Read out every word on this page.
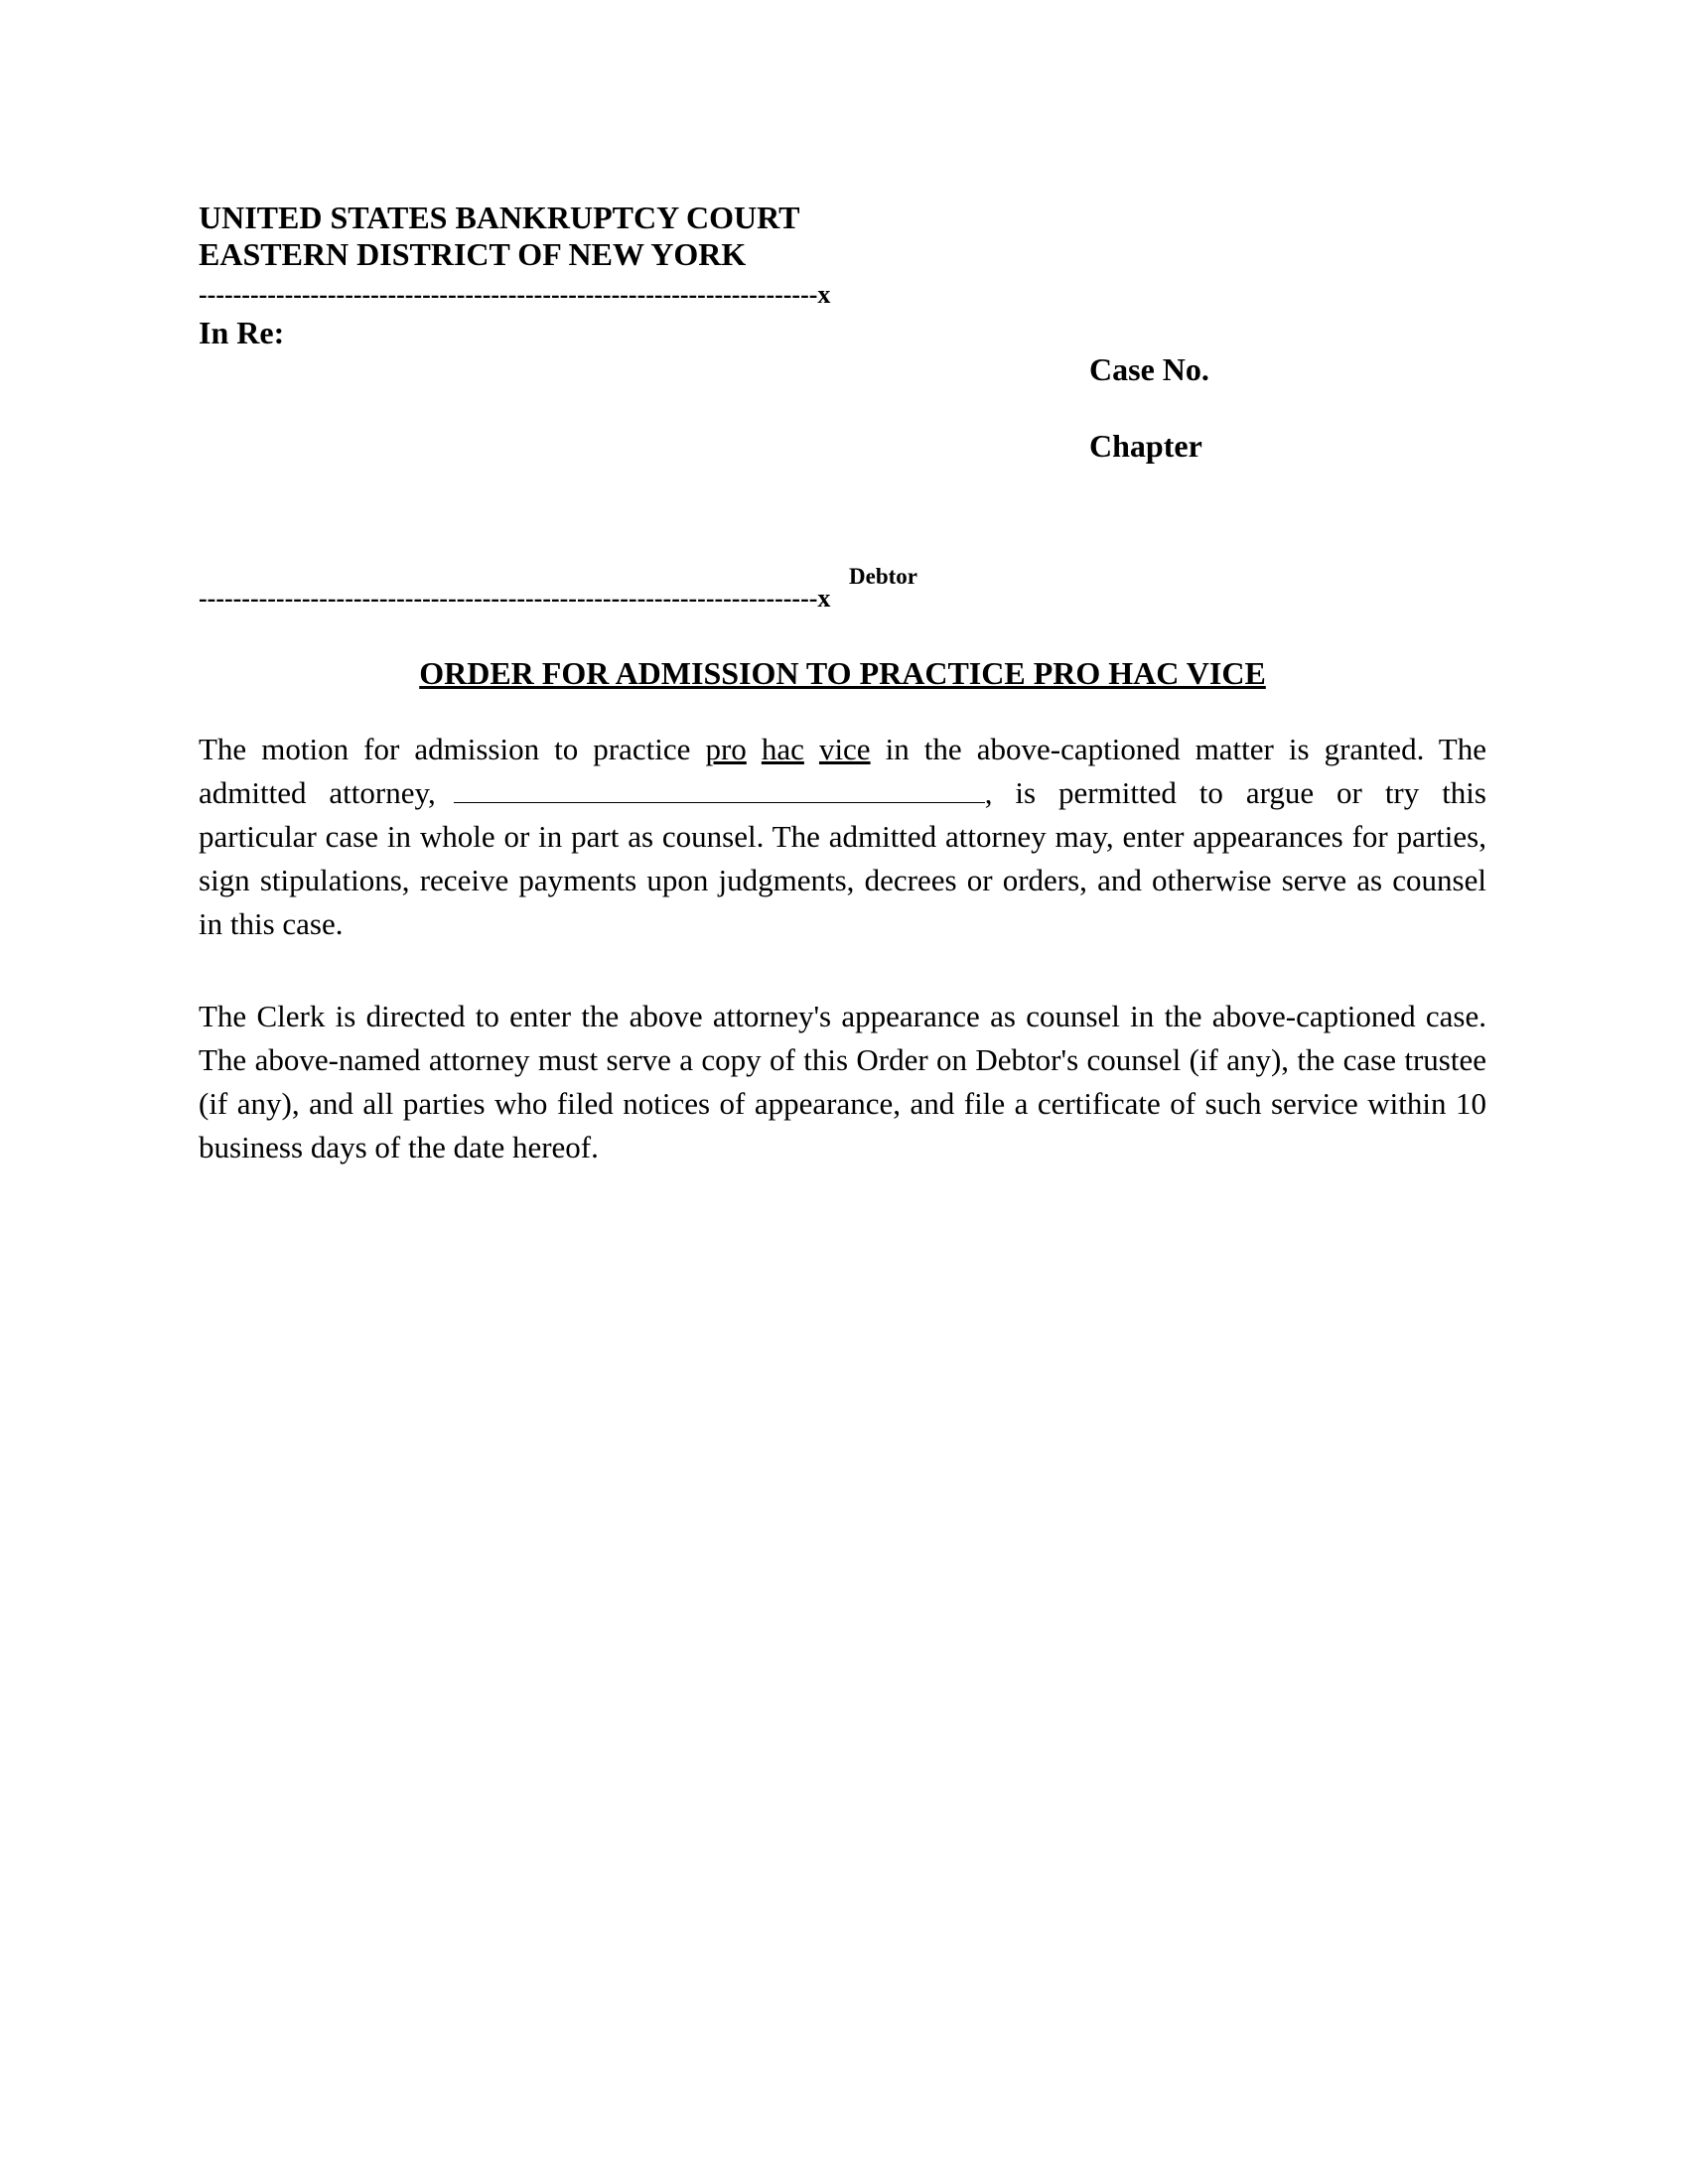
UNITED STATES BANKRUPTCY COURT
EASTERN DISTRICT OF NEW YORK
------------------------------------------------------------------------x
In Re:
Case No.
Chapter
Debtor
------------------------------------------------------------------------x
ORDER FOR ADMISSION TO PRACTICE PRO HAC VICE
The motion for admission to practice pro hac vice in the above-captioned matter is granted. The admitted attorney,	, is permitted to argue or try this particular case in whole or in part as counsel. The admitted attorney may, enter appearances for parties, sign stipulations, receive payments upon judgments, decrees or orders, and otherwise serve as counsel in this case.
The Clerk is directed to enter the above attorney's appearance as counsel in the above-captioned case. The above-named attorney must serve a copy of this Order on Debtor's counsel (if any), the case trustee (if any), and all parties who filed notices of appearance, and file a certificate of such service within 10 business days of the date hereof.
